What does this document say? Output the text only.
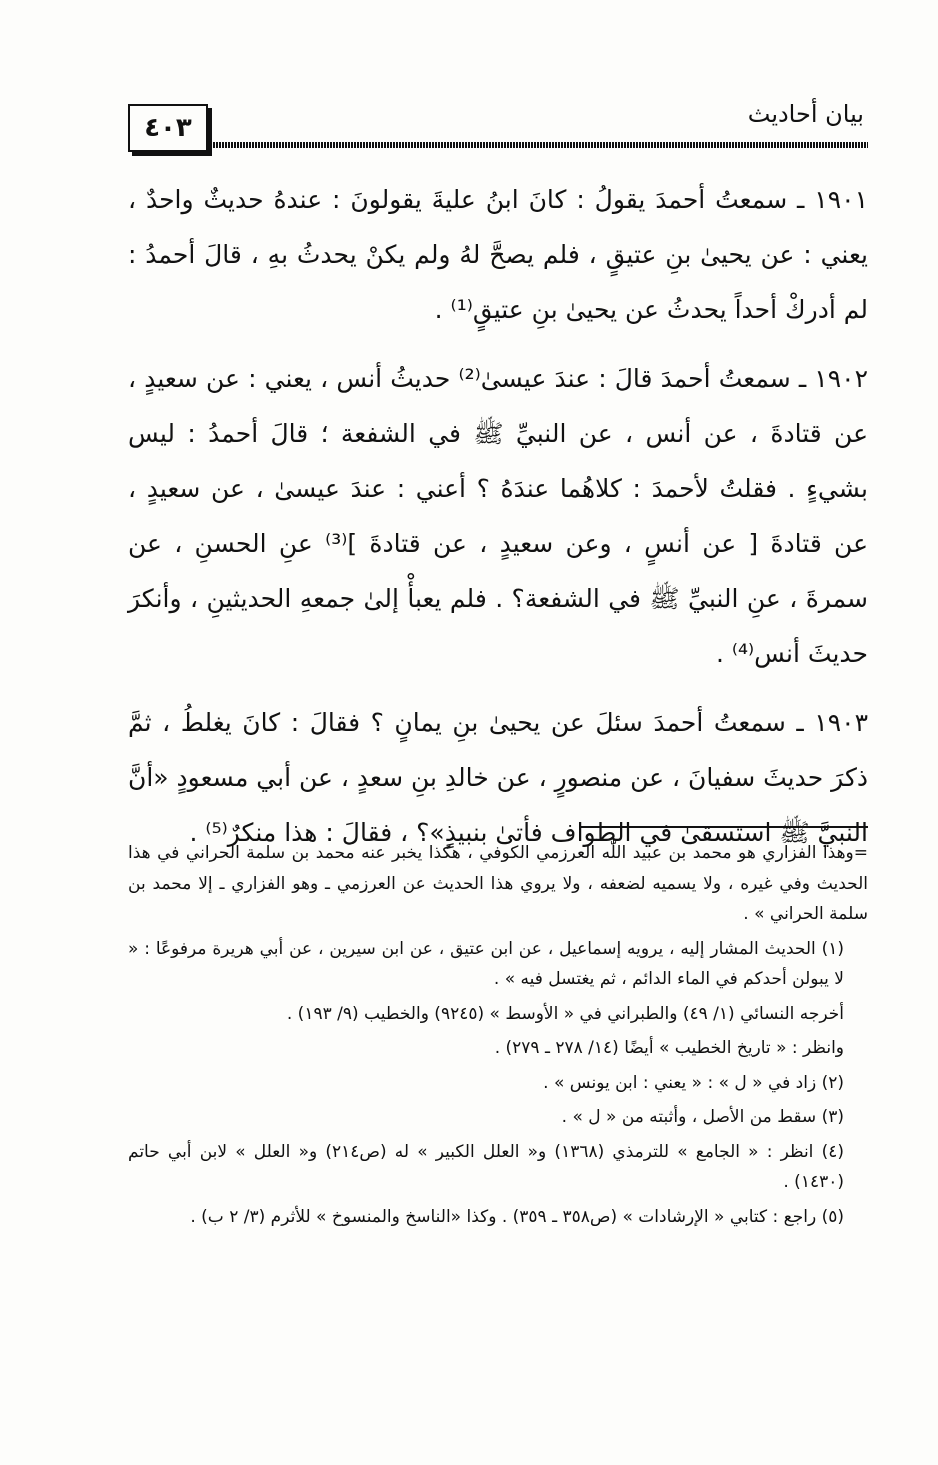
٤٠٣	بيان أحاديث

١٩٠١ ـ سمعتُ أحمدَ يقولُ : كانَ ابنُ عليةَ يقولونَ : عندهُ حديثٌ واحدٌ ، يعني : عن يحيىٰ بنِ عتيقٍ ، فلم يصحَّ لهُ ولم يكنْ يحدثُ بهِ ، قالَ أحمدُ : لم أدركْ أحداً يحدثُ عن يحيىٰ بنِ عتيقٍ⁽¹⁾ .

١٩٠٢ ـ سمعتُ أحمدَ قالَ : عندَ عيسىٰ⁽²⁾ حديثُ أنس ، يعني : عن سعيدٍ ، عن قتادةَ ، عن أنس ، عن النبيِّ ﷺ في الشفعة ؛ قالَ أحمدُ : ليس بشيءٍ . فقلتُ لأحمدَ : كلاهُما عندَهُ ؟ أعني : عندَ عيسىٰ ، عن سعيدٍ ، عن قتادةَ [ عن أنسٍ ، وعن سعيدٍ ، عن قتادةَ ]⁽³⁾ عنِ الحسنِ ، عن سمرةَ ، عنِ النبيِّ ﷺ في الشفعة؟ . فلم يعبأْ إلىٰ جمعهِ الحديثينِ ، وأنكرَ حديثَ أنس⁽⁴⁾ .

١٩٠٣ ـ سمعتُ أحمدَ سئلَ عن يحيىٰ بنِ يمانٍ ؟ فقالَ : كانَ يغلطُ ، ثمَّ ذكرَ حديثَ سفيانَ ، عن منصورٍ ، عن خالدِ بنِ سعدٍ ، عن أبي مسعودٍ «أنَّ النبيَّ ﷺ استسقىٰ في الطواف فأتىٰ بنبيذٍ»؟ ، فقالَ : هذا منكرٌ⁽⁵⁾ .

=وهذا الفزاري هو محمد بن عبيد اللّٰه العرزمي الكوفي ، هكذا يخبر عنه محمد بن سلمة الحراني في هذا الحديث وفي غيره ، ولا يسميه لضعفه ، ولا يروي هذا الحديث عن العرزمي ـ وهو الفزاري ـ إلا محمد بن سلمة الحراني » .

(١) الحديث المشار إليه ، يرويه إسماعيل ، عن ابن عتيق ، عن ابن سيرين ، عن أبي هريرة مرفوعًا : « لا يبولن أحدكم في الماء الدائم ، ثم يغتسل فيه » .

أخرجه النسائي (١/ ٤٩) والطبراني في « الأوسط » (٩٢٤٥) والخطيب (٩/ ١٩٣) .

وانظر : « تاريخ الخطيب » أيضًا (١٤/ ٢٧٨ ـ ٢٧٩) .

(٢) زاد في « ل » : « يعني : ابن يونس » .

(٣) سقط من الأصل ، وأثبته من « ل » .

(٤) انظر : « الجامع » للترمذي (١٣٦٨) و« العلل الكبير » له (ص٢١٤) و« العلل » لابن أبي حاتم (١٤٣٠) .

(٥) راجع : كتابي « الإرشادات » (ص٣٥٨ ـ ٣٥٩) . وكذا «الناسخ والمنسوخ » للأثرم (٣/ ٢ ب) .
